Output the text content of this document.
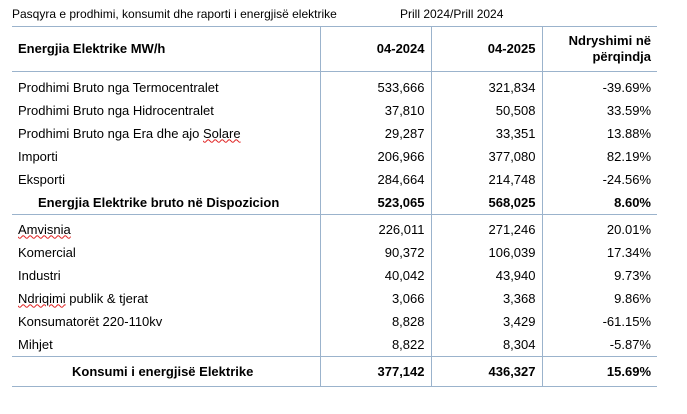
Pasqyra e prodhimi, konsumit dhe raporti i energjisë elektrike	Prill 2024/Prill 2024
Energjia Elektrike MW/h	04-2024	04-2025	Ndryshimi në
përqindja
Prodhimi Bruto nga Termocentralet	533,666	321,834	-39.69%
Prodhimi Bruto nga Hidrocentralet	37,810	50,508	33.59%
Prodhimi Bruto nga Era dhe ajo Solare	29,287	33,351	13.88%
Importi	206,966	377,080	82.19%
Eksporti	284,664	214,748	-24.56%
Energjia Elektrike bruto në Dispozicion	523,065	568,025	8.60%
Amvisnia	226,011	271,246	20.01%
Komercial	90,372	106,039	17.34%
Industri	40,042	43,940	9.73%
Ndriqimi publik & tjerat	3,066	3,368	9.86%
Konsumatorët 220-110kv	8,828	3,429	-61.15%
Mihjet	8,822	8,304	-5.87%
Konsumi i energjisë Elektrike	377,142	436,327	15.69%
